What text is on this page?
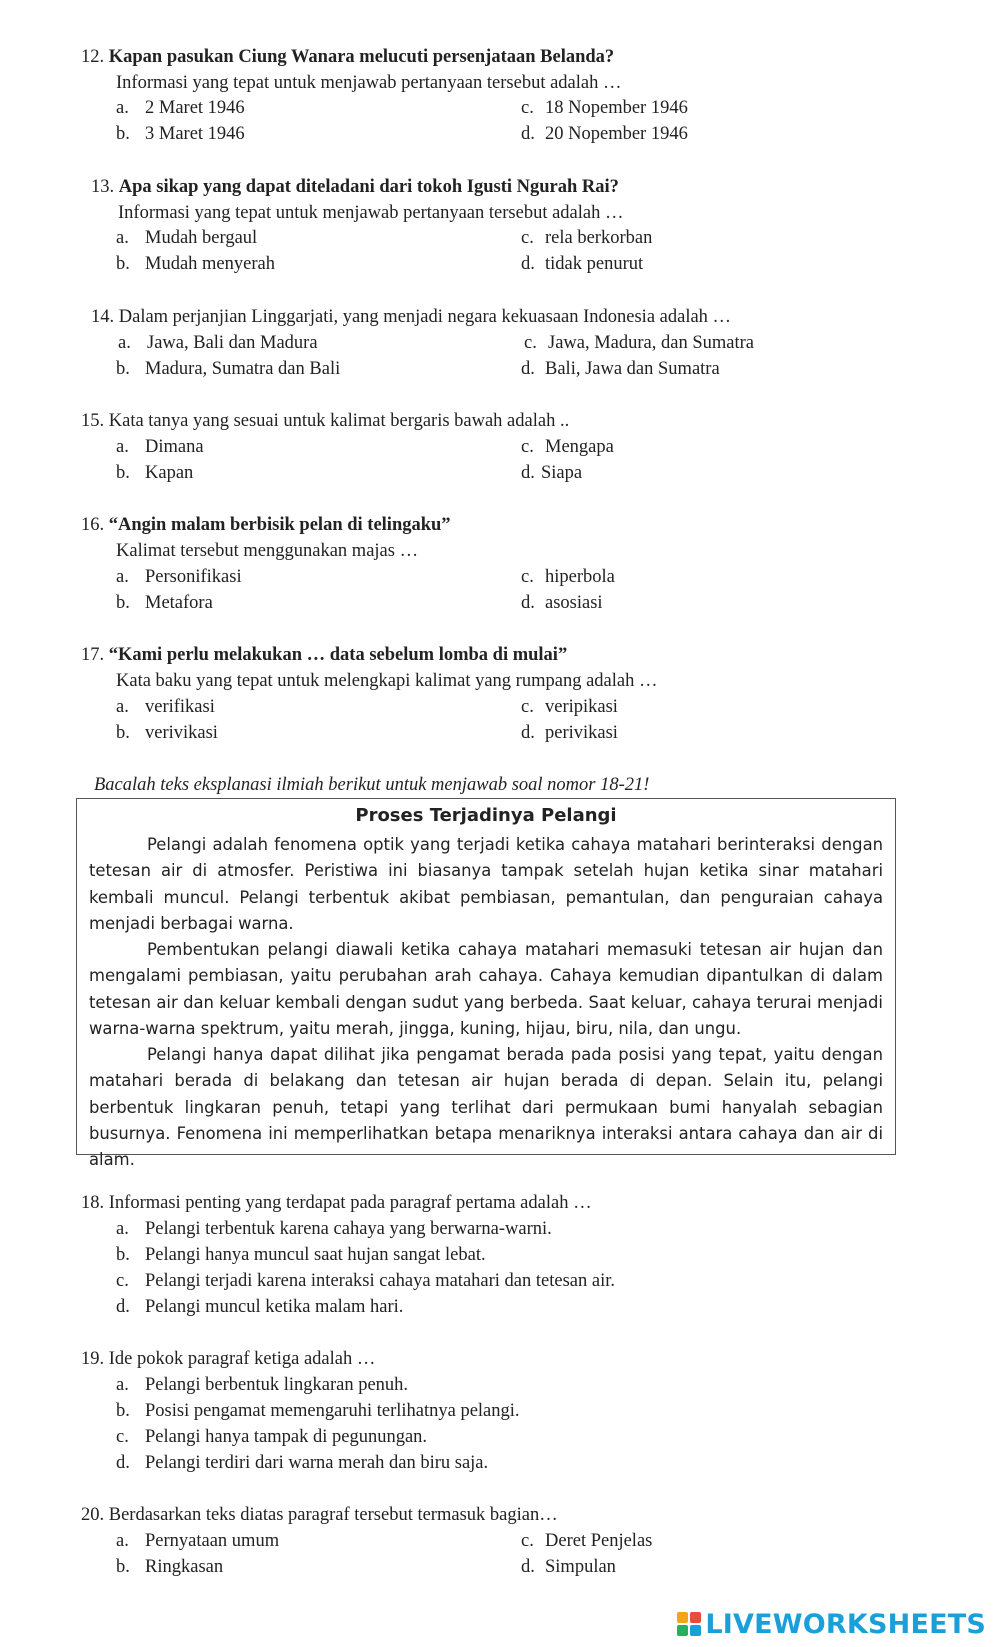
12. Kapan pasukan Ciung Wanara melucuti persenjataan Belanda?
Informasi yang tepat untuk menjawab pertanyaan tersebut adalah …
a. 2 Maret 1946	c. 18 Nopember 1946
b. 3 Maret 1946	d. 20 Nopember 1946
13. Apa sikap yang dapat diteladani dari tokoh Igusti Ngurah Rai?
Informasi yang tepat untuk menjawab pertanyaan tersebut adalah …
a. Mudah bergaul	c. rela berkorban
b. Mudah menyerah	d. tidak penurut
14. Dalam perjanjian Linggarjati, yang menjadi negara kekuasaan Indonesia adalah …
a. Jawa, Bali dan Madura	c. Jawa, Madura, dan Sumatra
b. Madura, Sumatra dan Bali	d. Bali, Jawa dan Sumatra
15. Kata tanya yang sesuai untuk kalimat bergaris bawah adalah ..
a. Dimana	c. Mengapa
b. Kapan	d. Siapa
16. “Angin malam berbisik pelan di telingaku”
Kalimat tersebut menggunakan majas …
a. Personifikasi	c. hiperbola
b. Metafora	d. asosiasi
17. “Kami perlu melakukan … data sebelum lomba di mulai”
Kata baku yang tepat untuk melengkapi kalimat yang rumpang adalah …
a. verifikasi	c. veripikasi
b. verivikasi	d. perivikasi
Bacalah teks eksplanasi ilmiah berikut untuk menjawab soal nomor 18-21!
Proses Terjadinya Pelangi

Pelangi adalah fenomena optik yang terjadi ketika cahaya matahari berinteraksi dengan tetesan air di atmosfer. Peristiwa ini biasanya tampak setelah hujan ketika sinar matahari kembali muncul. Pelangi terbentuk akibat pembiasan, pemantulan, dan penguraian cahaya menjadi berbagai warna.

Pembentukan pelangi diawali ketika cahaya matahari memasuki tetesan air hujan dan mengalami pembiasan, yaitu perubahan arah cahaya. Cahaya kemudian dipantulkan di dalam tetesan air dan keluar kembali dengan sudut yang berbeda. Saat keluar, cahaya terurai menjadi warna-warna spektrum, yaitu merah, jingga, kuning, hijau, biru, nila, dan ungu.

Pelangi hanya dapat dilihat jika pengamat berada pada posisi yang tepat, yaitu dengan matahari berada di belakang dan tetesan air hujan berada di depan. Selain itu, pelangi berbentuk lingkaran penuh, tetapi yang terlihat dari permukaan bumi hanyalah sebagian busurnya. Fenomena ini memperlihatkan betapa menariknya interaksi antara cahaya dan air di alam.

18. Informasi penting yang terdapat pada paragraf pertama adalah …
a. Pelangi terbentuk karena cahaya yang berwarna-warni.
b. Pelangi hanya muncul saat hujan sangat lebat.
c. Pelangi terjadi karena interaksi cahaya matahari dan tetesan air.
d. Pelangi muncul ketika malam hari.
19. Ide pokok paragraf ketiga adalah …
a. Pelangi berbentuk lingkaran penuh.
b. Posisi pengamat memengaruhi terlihatnya pelangi.
c. Pelangi hanya tampak di pegunungan.
d. Pelangi terdiri dari warna merah dan biru saja.
20. Berdasarkan teks diatas paragraf tersebut termasuk bagian…
a. Pernyataan umum	c. Deret Penjelas
b. Ringkasan	d. Simpulan
LIVEWORKSHEETS
